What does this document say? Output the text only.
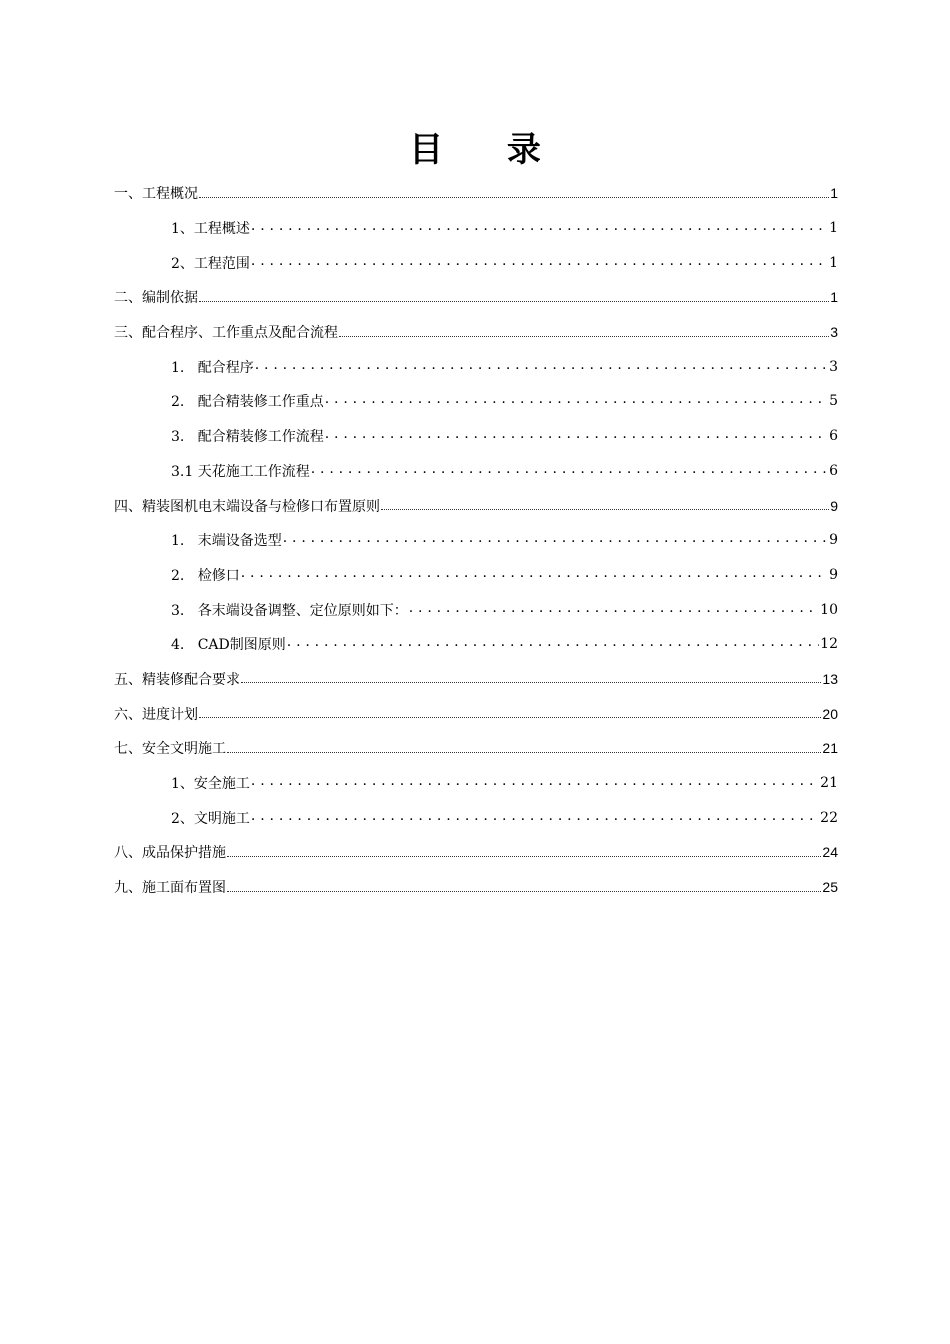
目 录
一、工程概况	1
1、工程概述 . . .	1
2、工程范围 . . .	1
二、编制依据	1
三、配合程序、工作重点及配合流程	3
1.   配合程序 . . .	3
2.   配合精装修工作重点 . . .	5
3.   配合精装修工作流程 . . .	6
3.1 天花施工工作流程 . . .	6
四、精装图机电末端设备与检修口布置原则	9
1.   末端设备选型 . . .	9
2.   检修口 . . .	9
3.   各末端设备调整、定位原则如下： . . .	10
4.   CAD制图原则 . . .	12
五、精装修配合要求	13
六、进度计划	20
七、安全文明施工	21
1、安全施工 . . .	21
2、文明施工 . . .	22
八、成品保护措施	24
九、施工面布置图	25
